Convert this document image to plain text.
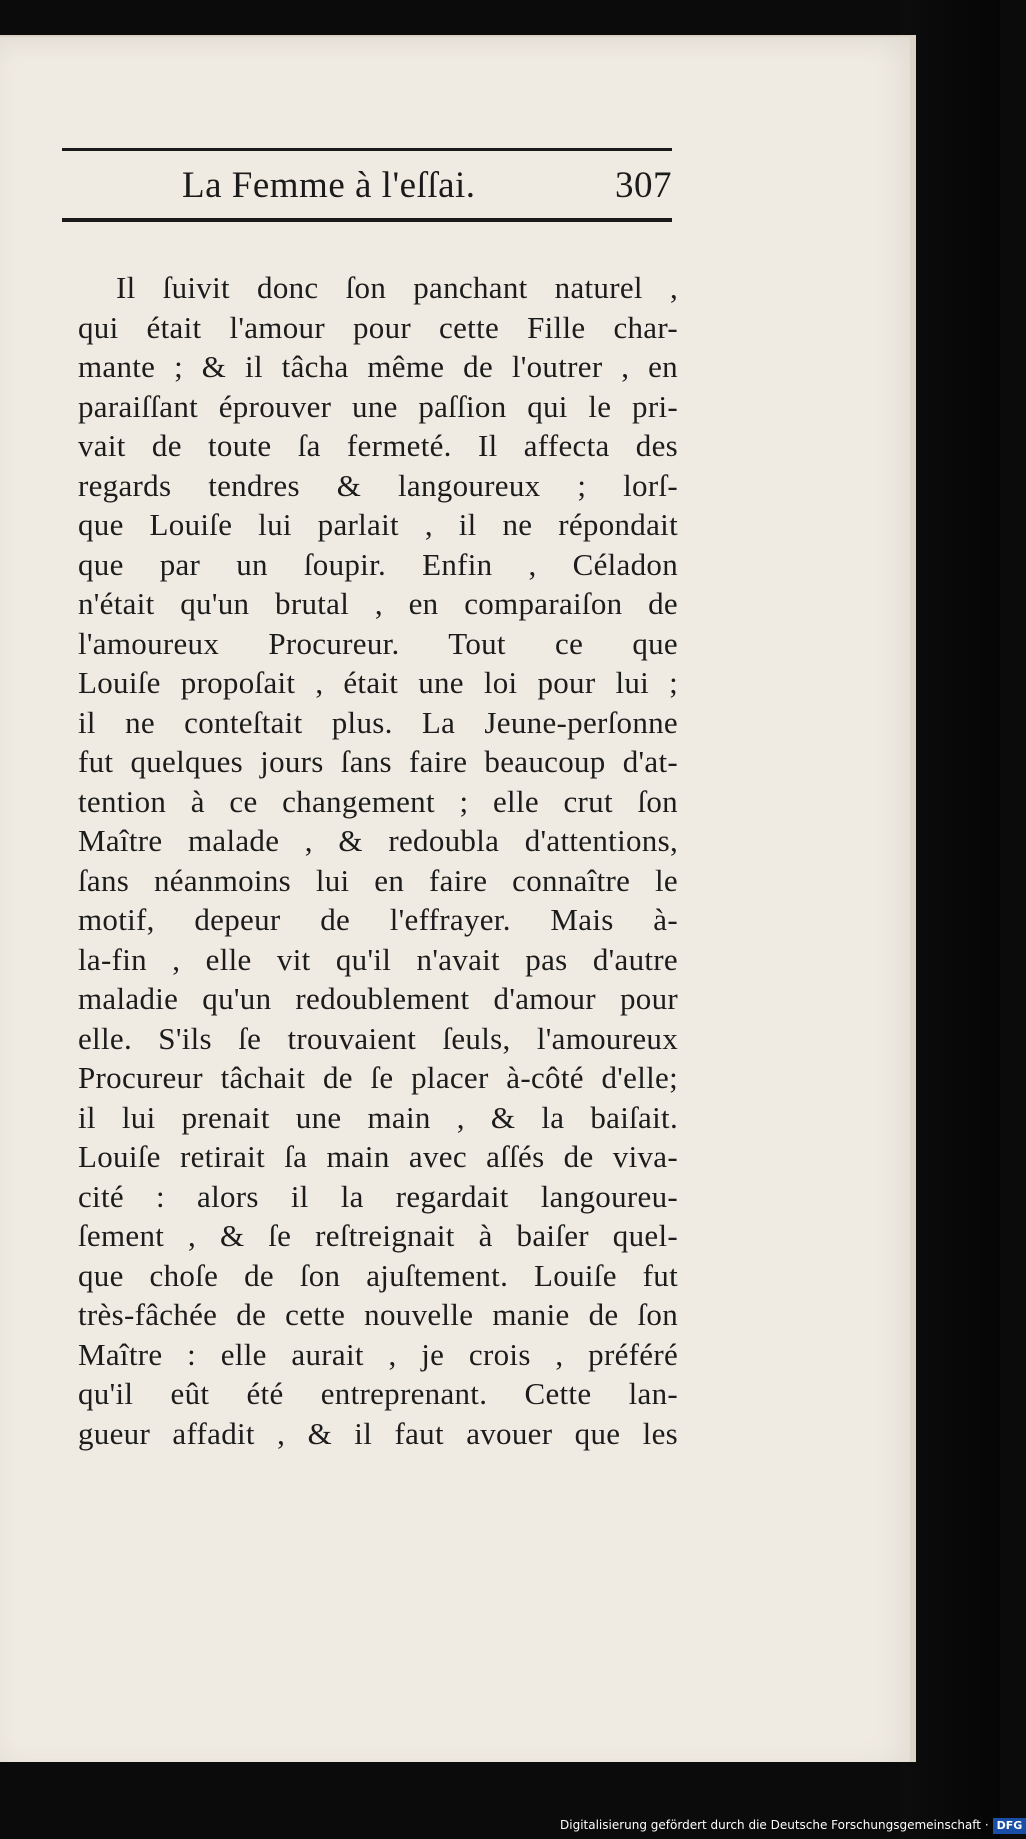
La Femme à l'eſſai.	307
Il ſuivit donc ſon panchant naturel ,
qui était l'amour pour cette Fille char-
mante ; & il tâcha même de l'outrer , en
paraiſſant éprouver une paſſion qui le pri-
vait de toute ſa fermeté. Il affecta des
regards tendres & langoureux ; lorſ-
que Louiſe lui parlait , il ne répondait
que par un ſoupir. Enfin , Céladon
n'était qu'un brutal , en comparaiſon de
l'amoureux Procureur. Tout ce que
Louiſe propoſait , était une loi pour lui ;
il ne conteſtait plus. La Jeune-perſonne
fut quelques jours ſans faire beaucoup d'at-
tention à ce changement ; elle crut ſon
Maître malade , & redoubla d'attentions,
ſans néanmoins lui en faire connaître le
motif, depeur de l'effrayer. Mais à-
la-fin , elle vit qu'il n'avait pas d'autre
maladie qu'un redoublement d'amour pour
elle. S'ils ſe trouvaient ſeuls, l'amoureux
Procureur tâchait de ſe placer à-côté d'elle;
il lui prenait une main , & la baiſait.
Louiſe retirait ſa main avec aſſés de viva-
cité : alors il la regardait langoureu-
ſement , & ſe reſtreignait à baiſer quel-
que choſe de ſon ajuſtement. Louiſe fut
très-fâchée de cette nouvelle manie de ſon
Maître : elle aurait , je crois , préféré
qu'il eût été entreprenant. Cette lan-
gueur affadit , & il faut avouer que les
Digitalisierung gefördert durch die Deutsche Forschungsgemeinschaft · DFG
